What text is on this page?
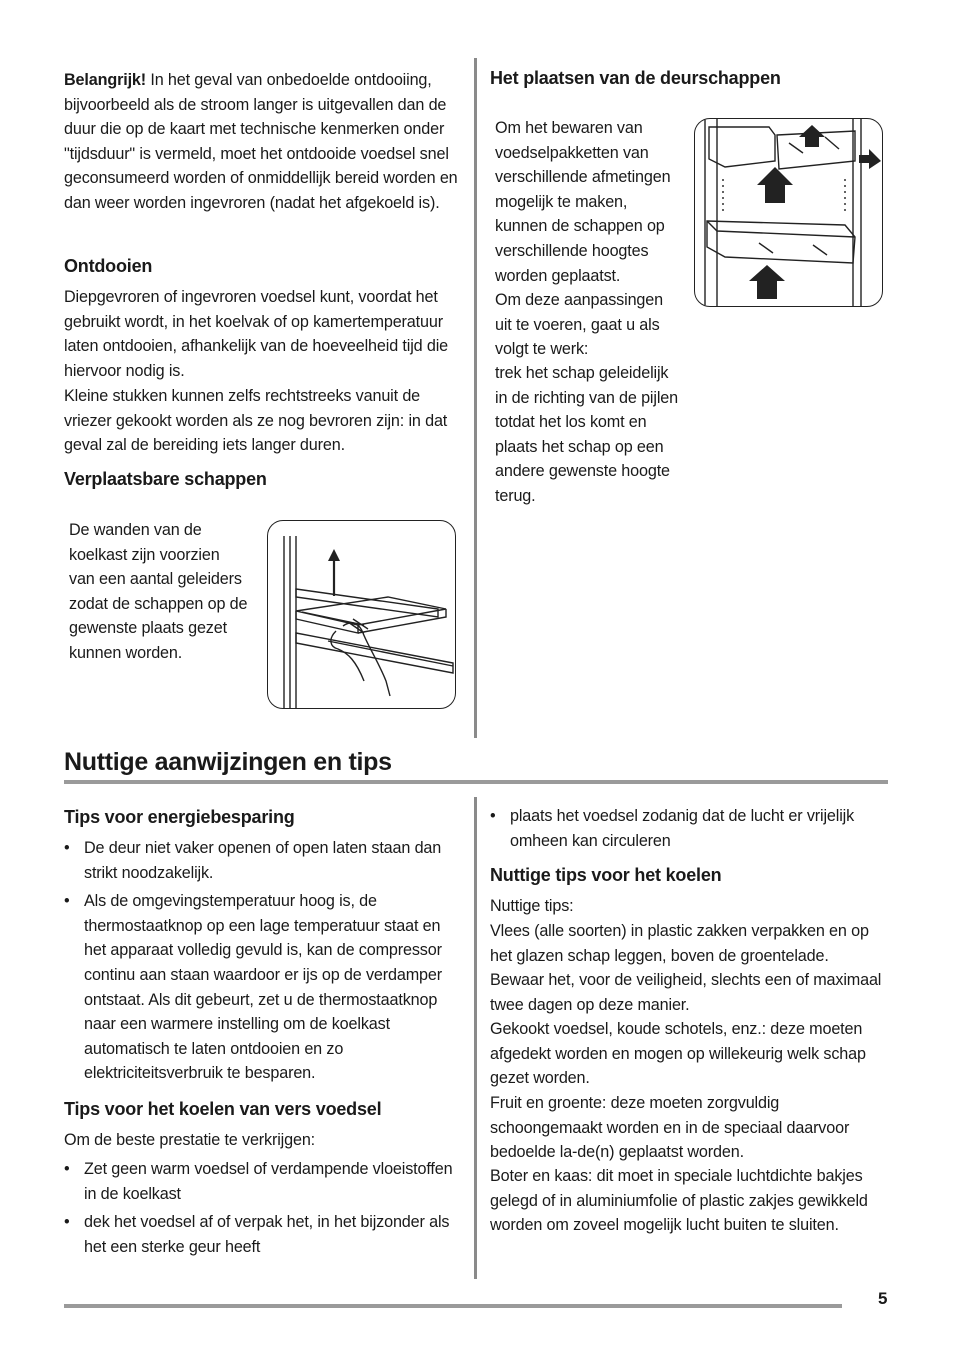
Belangrijk! In het geval van onbedoelde ontdooiing, bijvoorbeeld als de stroom langer is uitgevallen dan de duur die op de kaart met technische kenmerken onder "tijdsduur" is vermeld, moet het ontdooide voedsel snel geconsumeerd worden of onmiddellijk bereid worden en dan weer worden ingevroren (nadat het afgekoeld is).

Ontdooien

Diepgevroren of ingevroren voedsel kunt, voordat het gebruikt wordt, in het koelvak of op kamertemperatuur laten ontdooien, afhankelijk van de hoeveelheid tijd die hiervoor nodig is.

Kleine stukken kunnen zelfs rechtstreeks vanuit de vriezer gekookt worden als ze nog bevroren zijn: in dat geval zal de bereiding iets langer duren.

Verplaatsbare schappen

De wanden van de koelkast zijn voorzien van een aantal geleiders zodat de schappen op de gewenste plaats gezet kunnen worden.

Het plaatsen van de deurschappen

Om het bewaren van voedselpakketten van verschillende afmetingen mogelijk te maken, kunnen de schappen op verschillende hoogtes worden geplaatst.

Om deze aanpassingen uit te voeren, gaat u als volgt te werk:

trek het schap geleidelijk in de richting van de pijlen totdat het los komt en plaats het schap op een andere gewenste hoogte terug.

Nuttige aanwijzingen en tips
Tips voor energiebesparing
• De deur niet vaker openen of open laten staan dan strikt noodzakelijk.
• Als de omgevingstemperatuur hoog is, de thermostaatknop op een lage temperatuur staat en het apparaat volledig gevuld is, kan de compressor continu aan staan waardoor er ijs op de verdamper ontstaat. Als dit gebeurt, zet u de thermostaatknop naar een warmere instelling om de koelkast automatisch te laten ontdooien en zo elektriciteitsverbruik te besparen.
Tips voor het koelen van vers voedsel

Om de beste prestatie te verkrijgen:

• Zet geen warm voedsel of verdampende vloeistoffen in de koelkast
• dek het voedsel af of verpak het, in het bijzonder als het een sterke geur heeft
• plaats het voedsel zodanig dat de lucht er vrijelijk omheen kan circuleren
Nuttige tips voor het koelen

Nuttige tips:

Vlees (alle soorten) in plastic zakken verpakken en op het glazen schap leggen, boven de groentelade.

Bewaar het, voor de veiligheid, slechts een of maximaal twee dagen op deze manier.

Gekookt voedsel, koude schotels, enz.: deze moeten afgedekt worden en mogen op willekeurig welk schap gezet worden.

Fruit en groente: deze moeten zorgvuldig schoongemaakt worden en in de speciaal daarvoor bedoelde la-de(n) geplaatst worden.

Boter en kaas: dit moet in speciale luchtdichte bakjes gelegd of in aluminiumfolie of plastic zakjes gewikkeld worden om zoveel mogelijk lucht buiten te sluiten.

5
